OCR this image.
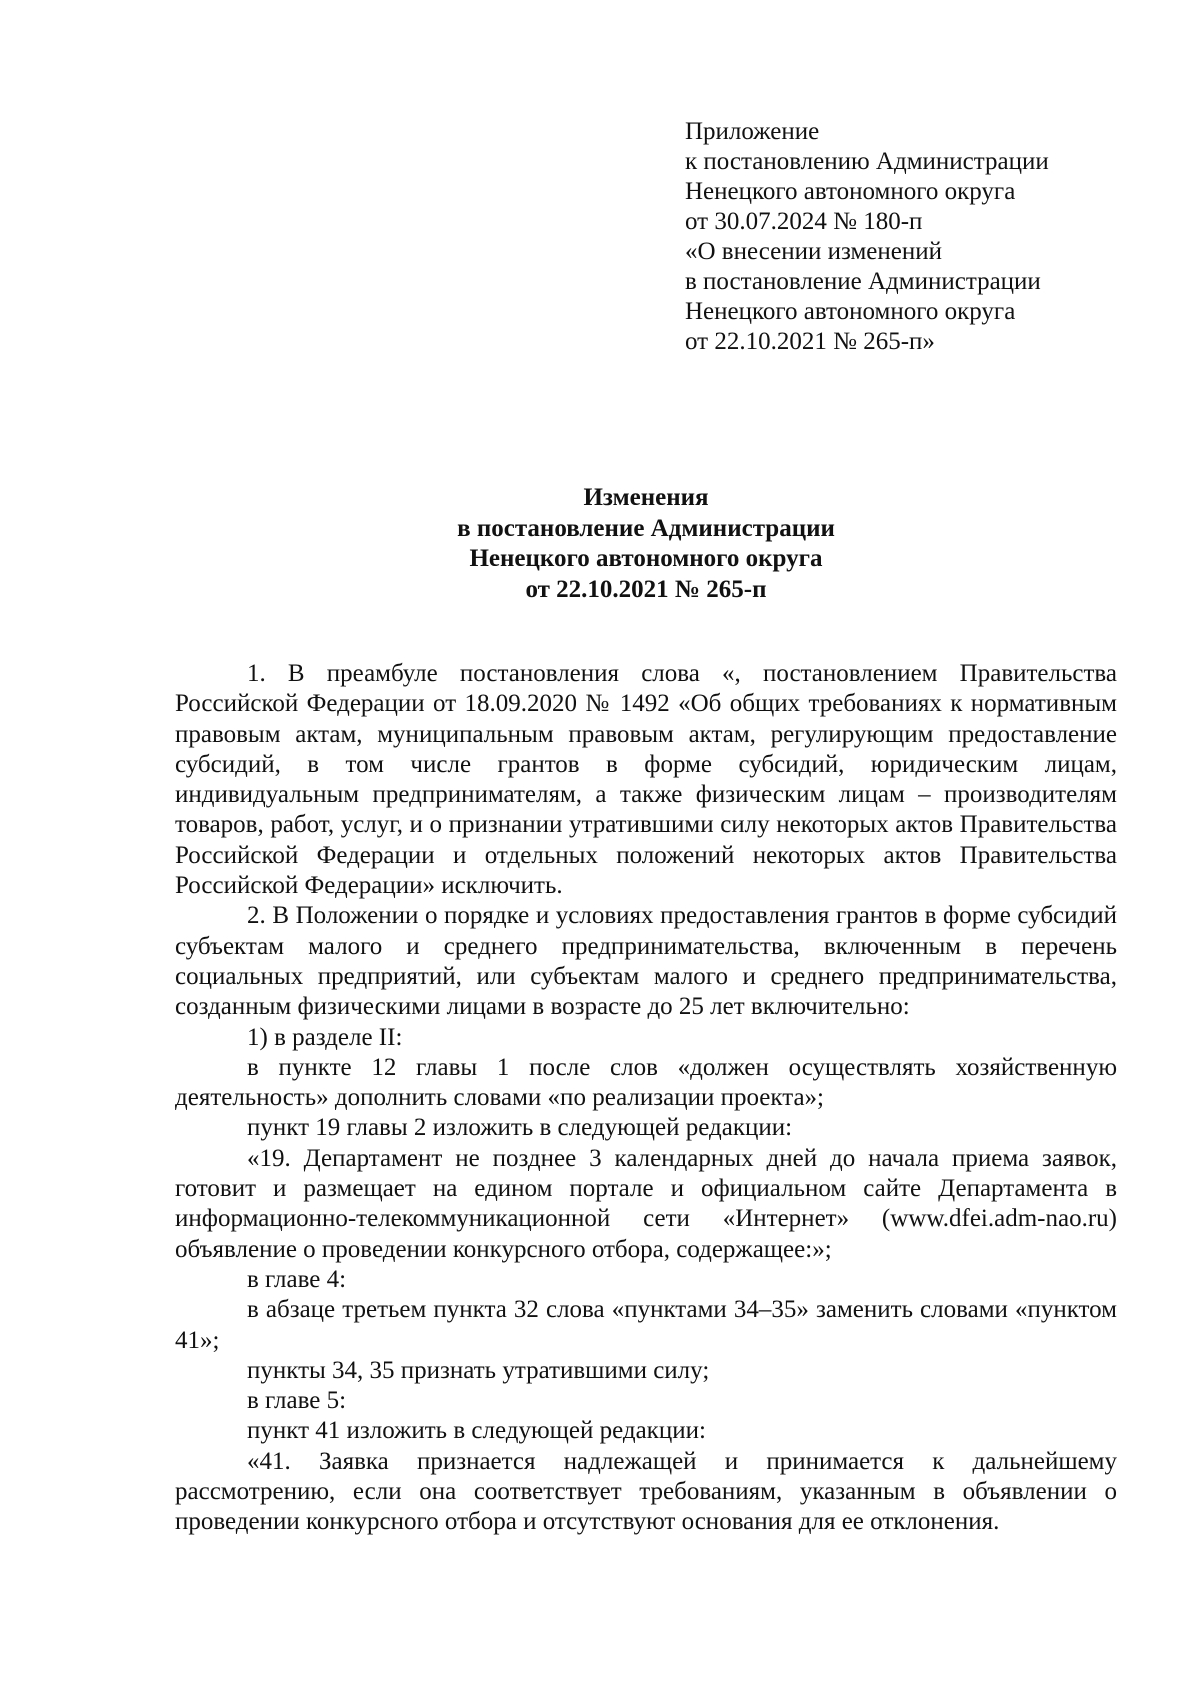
Приложение
к постановлению Администрации
Ненецкого автономного округа
от 30.07.2024 № 180-п
«О внесении изменений
в постановление Администрации
Ненецкого автономного округа
от 22.10.2021 № 265-п»
Изменения
в постановление Администрации
Ненецкого автономного округа
от 22.10.2021 № 265-п

1. В преамбуле постановления слова «, постановлением Правительства Российской Федерации от 18.09.2020 № 1492 «Об общих требованиях к нормативным правовым актам, муниципальным правовым актам, регулирующим предоставление субсидий, в том числе грантов в форме субсидий, юридическим лицам, индивидуальным предпринимателям, а также физическим лицам – производителям товаров, работ, услуг, и о признании утратившими силу некоторых актов Правительства Российской Федерации и отдельных положений некоторых актов Правительства Российской Федерации» исключить.

2. В Положении о порядке и условиях предоставления грантов в форме субсидий субъектам малого и среднего предпринимательства, включенным в перечень социальных предприятий, или субъектам малого и среднего предпринимательства, созданным физическими лицами в возрасте до 25 лет включительно:

1) в разделе II:

в пункте 12 главы 1 после слов «должен осуществлять хозяйственную деятельность» дополнить словами «по реализации проекта»;

пункт 19 главы 2 изложить в следующей редакции:

«19. Департамент не позднее 3 календарных дней до начала приема заявок, готовит и размещает на едином портале и официальном сайте Департамента в информационно-телекоммуникационной сети «Интернет» (www.dfei.adm-nao.ru) объявление о проведении конкурсного отбора, содержащее:»;

в главе 4:

в абзаце третьем пункта 32 слова «пунктами 34–35» заменить словами «пунктом 41»;

пункты 34, 35 признать утратившими силу;

в главе 5:

пункт 41 изложить в следующей редакции:

«41. Заявка признается надлежащей и принимается к дальнейшему рассмотрению, если она соответствует требованиям, указанным в объявлении о проведении конкурсного отбора и отсутствуют основания для ее отклонения.
